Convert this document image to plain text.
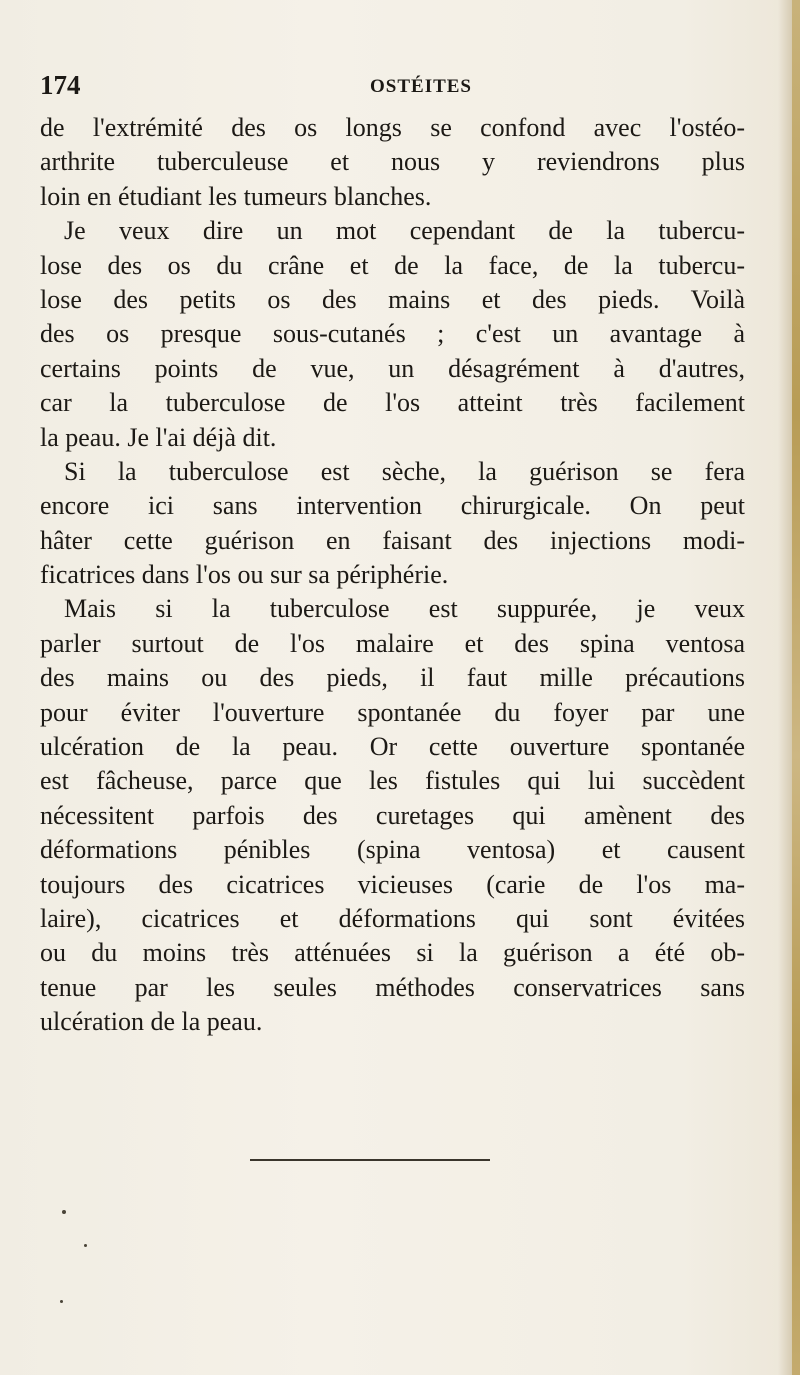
174	OSTÉITES
de l'extrémité des os longs se confond avec l'ostéo-
arthrite tuberculeuse et nous y reviendrons plus
loin en étudiant les tumeurs blanches.
Je veux dire un mot cependant de la tubercu-
lose des os du crâne et de la face, de la tubercu-
lose des petits os des mains et des pieds. Voilà
des os presque sous-cutanés ; c'est un avantage à
certains points de vue, un désagrément à d'autres,
car la tuberculose de l'os atteint très facilement
la peau. Je l'ai déjà dit.
Si la tuberculose est sèche, la guérison se fera
encore ici sans intervention chirurgicale. On peut
hâter cette guérison en faisant des injections modi-
ficatrices dans l'os ou sur sa périphérie.
Mais si la tuberculose est suppurée, je veux
parler surtout de l'os malaire et des spina ventosa
des mains ou des pieds, il faut mille précautions
pour éviter l'ouverture spontanée du foyer par une
ulcération de la peau. Or cette ouverture spontanée
est fâcheuse, parce que les fistules qui lui succèdent
nécessitent parfois des curetages qui amènent des
déformations pénibles (spina ventosa) et causent
toujours des cicatrices vicieuses (carie de l'os ma-
laire), cicatrices et déformations qui sont évitées
ou du moins très atténuées si la guérison a été ob-
tenue par les seules méthodes conservatrices sans
ulcération de la peau.
